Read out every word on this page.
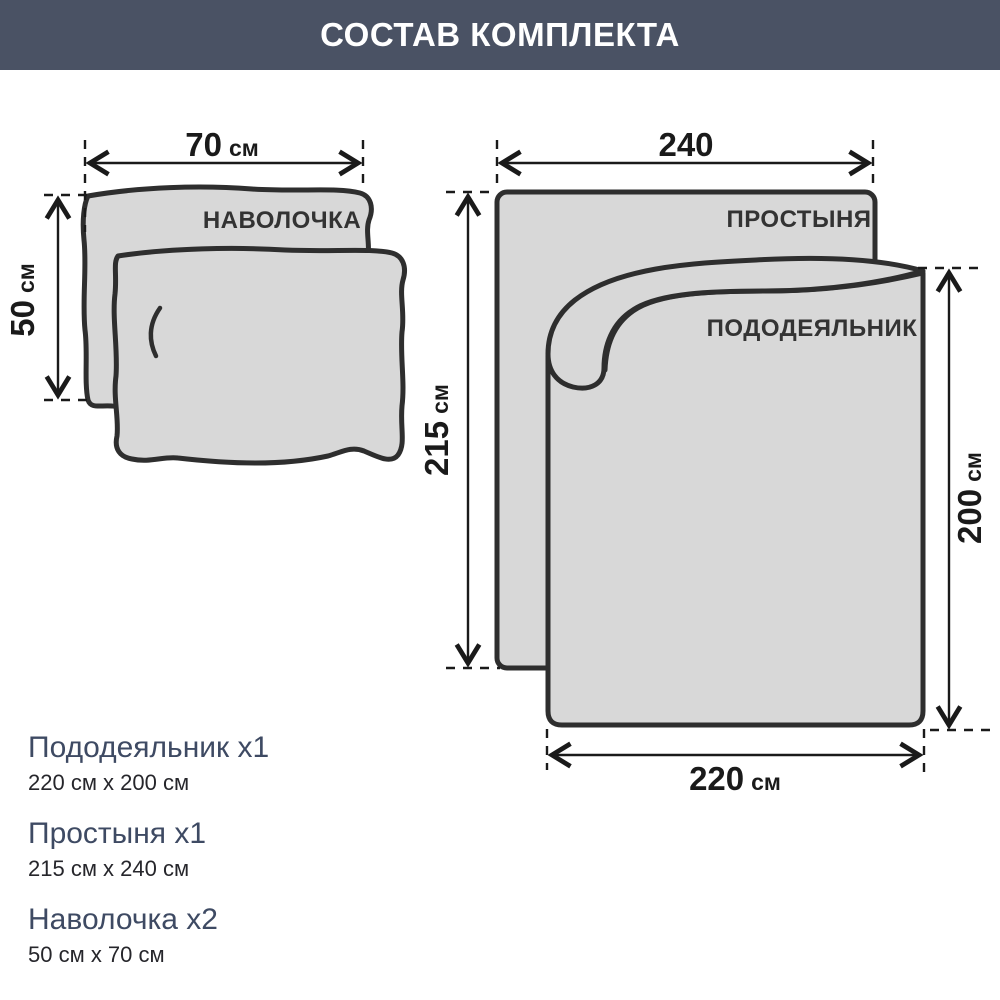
СОСТАВ КОМПЛЕКТА
ПРОСТЫНЯ
ПОДОДЕЯЛЬНИК
НАВОЛОЧКА
70 см
50см
240
215см
200см
220 см
Пододеяльник x1
220 см x 200 см
Простыня x1
215 см x 240 см
Наволочка x2
50 см x 70 см
